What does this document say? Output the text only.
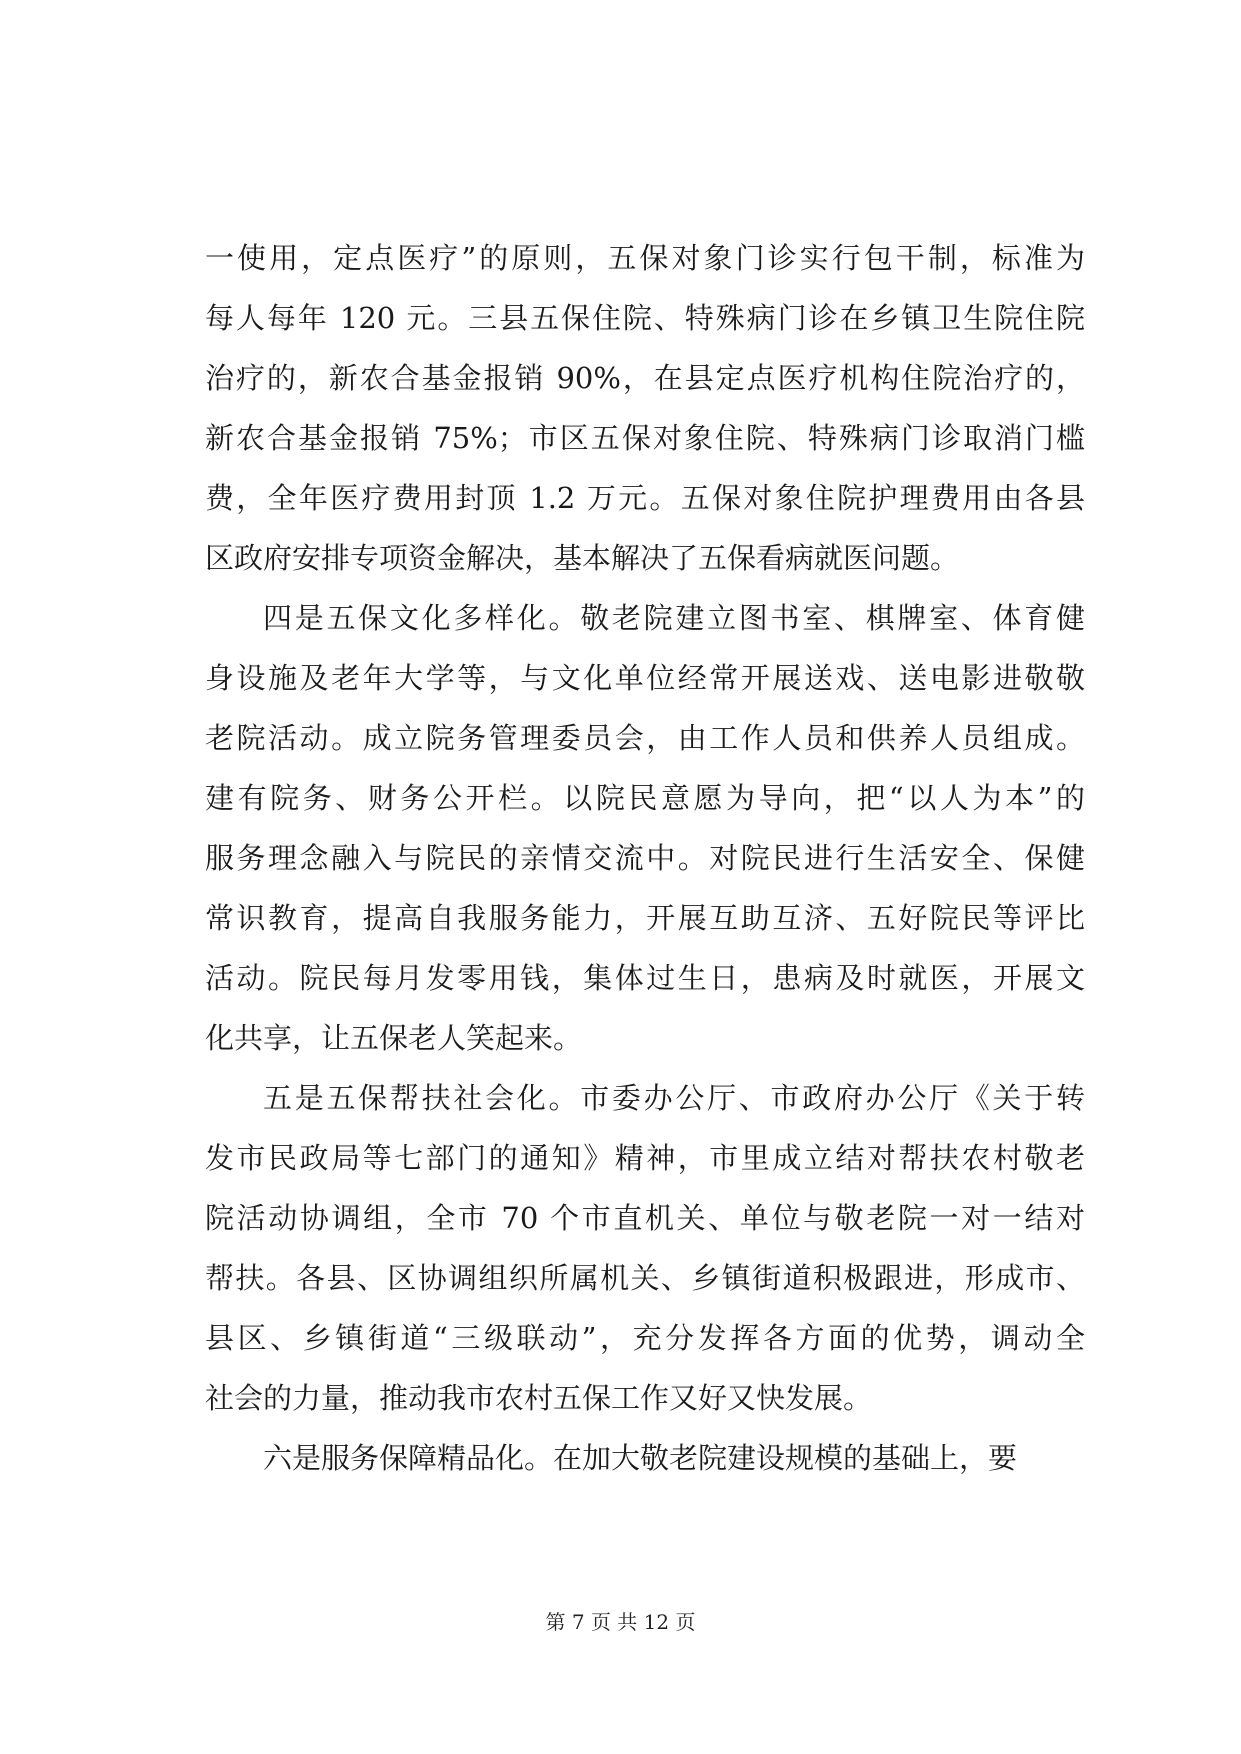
一使用，定点医疗”的原则，五保对象门诊实行包干制，标准为
每人每年 120 元。三县五保住院、特殊病门诊在乡镇卫生院住院
治疗的，新农合基金报销 90%，在县定点医疗机构住院治疗的，
新农合基金报销 75%；市区五保对象住院、特殊病门诊取消门槛
费，全年医疗费用封顶 1.2 万元。五保对象住院护理费用由各县
区政府安排专项资金解决，基本解决了五保看病就医问题。
四是五保文化多样化。敬老院建立图书室、棋牌室、体育健
身设施及老年大学等，与文化单位经常开展送戏、送电影进敬敬
老院活动。成立院务管理委员会，由工作人员和供养人员组成。
建有院务、财务公开栏。以院民意愿为导向，把“以人为本”的
服务理念融入与院民的亲情交流中。对院民进行生活安全、保健
常识教育，提高自我服务能力，开展互助互济、五好院民等评比
活动。院民每月发零用钱，集体过生日，患病及时就医，开展文
化共享，让五保老人笑起来。
五是五保帮扶社会化。市委办公厅、市政府办公厅《关于转
发市民政局等七部门的通知》精神，市里成立结对帮扶农村敬老
院活动协调组，全市 70 个市直机关、单位与敬老院一对一结对
帮扶。各县、区协调组织所属机关、乡镇街道积极跟进，形成市、
县区、乡镇街道“三级联动”，充分发挥各方面的优势，调动全
社会的力量，推动我市农村五保工作又好又快发展。
六是服务保障精品化。在加大敬老院建设规模的基础上，要
第 7 页 共 12 页
